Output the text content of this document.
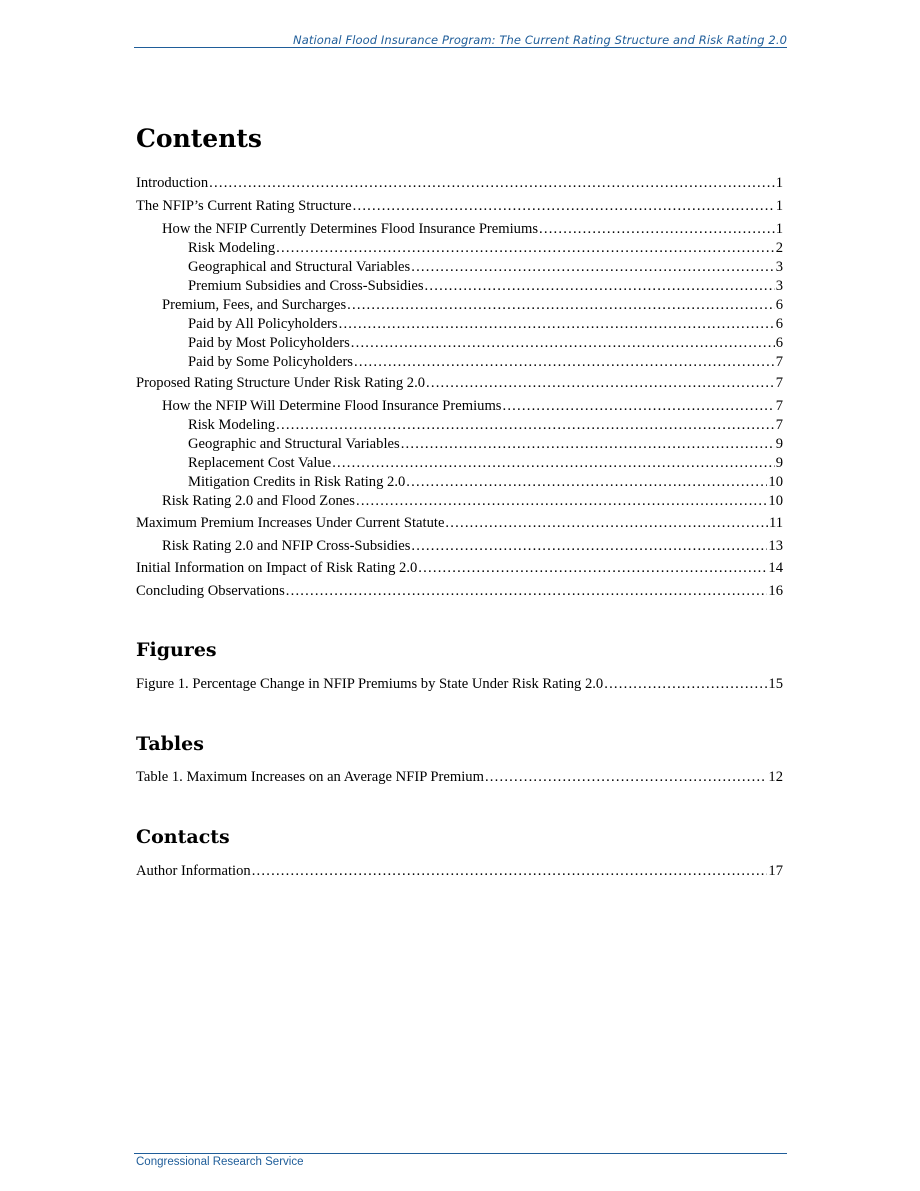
National Flood Insurance Program: The Current Rating Structure and Risk Rating 2.0
Contents
Introduction .....	1
The NFIP’s Current Rating Structure .....	1
How the NFIP Currently Determines Flood Insurance Premiums .....	1
Risk Modeling .....	2
Geographical and Structural Variables .....	3
Premium Subsidies and Cross-Subsidies .....	3
Premium, Fees, and Surcharges .....	6
Paid by All Policyholders .....	6
Paid by Most Policyholders .....	6
Paid by Some Policyholders .....	7
Proposed Rating Structure Under Risk Rating 2.0 .....	7
How the NFIP Will Determine Flood Insurance Premiums .....	7
Risk Modeling .....	7
Geographic and Structural Variables .....	9
Replacement Cost Value .....	9
Mitigation Credits in Risk Rating 2.0 .....	10
Risk Rating 2.0 and Flood Zones .....	10
Maximum Premium Increases Under Current Statute .....	11
Risk Rating 2.0 and NFIP Cross-Subsidies .....	13
Initial Information on Impact of Risk Rating 2.0 .....	14
Concluding Observations .....	16
Figures
Figure 1. Percentage Change in NFIP Premiums by State Under Risk Rating 2.0 .....	15
Tables
Table 1. Maximum Increases on an Average NFIP Premium .....	12
Contacts
Author Information .....	17
Congressional Research Service
